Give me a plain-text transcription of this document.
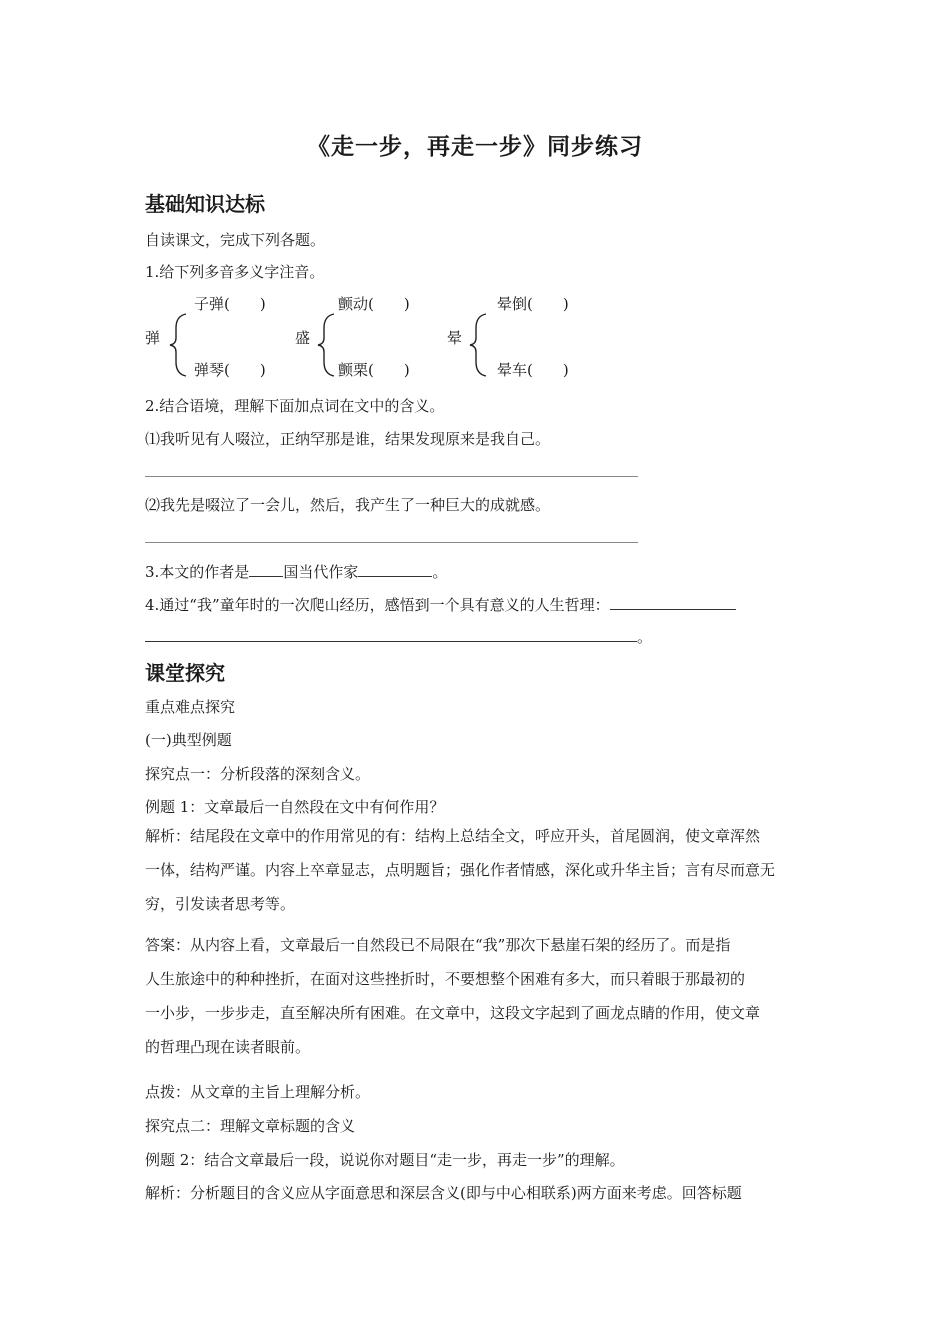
《走一步，再走一步》同步练习
基础知识达标
自读课文，完成下列各题。
1.给下列多音多义字注音。
子弹(　　)
弹
弹琴(　　)
颤动(　　)
盛
颤栗(　　)
晕倒(　　)
晕
晕车(　　)
2.结合语境，理解下面加点词在文中的含义。
⑴我听见有人啜泣，正纳罕那是谁，结果发现原来是我自己。
⑵我先是啜泣了一会儿，然后，我产生了一种巨大的成就感。
3.本文的作者是 国当代作家	。
4.通过“我”童年时的一次爬山经历，感悟到一个具有意义的人生哲理：
。
课堂探究
重点难点探究
(一)典型例题
探究点一：分析段落的深刻含义。
例题 1：文章最后一自然段在文中有何作用？
解析：结尾段在文章中的作用常见的有：结构上总结全文，呼应开头，首尾圆润，使文章浑然
一体，结构严谨。内容上卒章显志，点明题旨；强化作者情感，深化或升华主旨；言有尽而意无
穷，引发读者思考等。
答案：从内容上看，文章最后一自然段已不局限在“我”那次下悬崖石架的经历了。而是指
人生旅途中的种种挫折，在面对这些挫折时，不要想整个困难有多大，而只着眼于那最初的
一小步，一步步走，直至解决所有困难。在文章中，这段文字起到了画龙点睛的作用，使文章
的哲理凸现在读者眼前。
点拨：从文章的主旨上理解分析。
探究点二：理解文章标题的含义
例题 2：结合文章最后一段，说说你对题目“走一步，再走一步”的理解。
解析：分析题目的含义应从字面意思和深层含义(即与中心相联系)两方面来考虑。回答标题
